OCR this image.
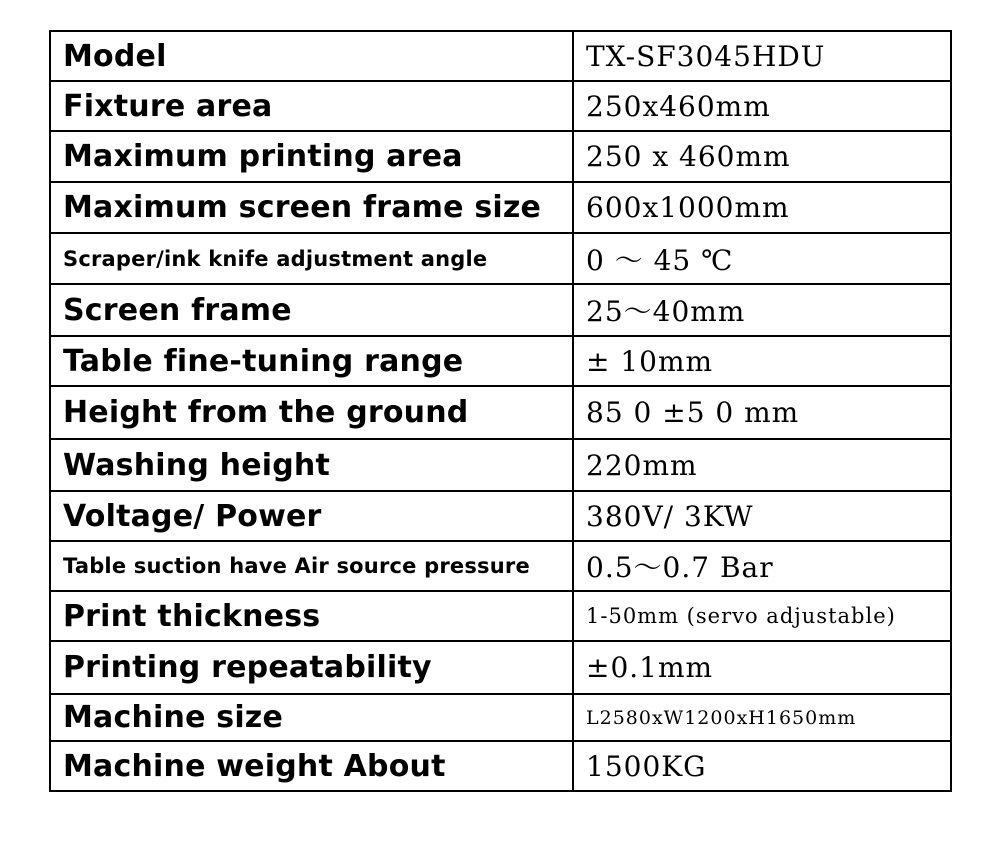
Model	TX-SF3045HDU
Fixture area	250x460mm
Maximum printing area	250 x 460mm
Maximum screen frame size	600x1000mm
Scraper/ink knife adjustment angle	0 ～ 45 ℃
Screen frame	25～40mm
Table fine-tuning range	± 10mm
Height from the ground	85 0 ±5 0 mm
Washing height	220mm
Voltage/ Power	380V/ 3KW
Table suction have Air source pressure	0.5～0.7 Bar
Print thickness	1-50mm (servo adjustable)
Printing repeatability	±0.1mm
Machine size	L2580xW1200xH1650mm
Machine weight About	1500KG
